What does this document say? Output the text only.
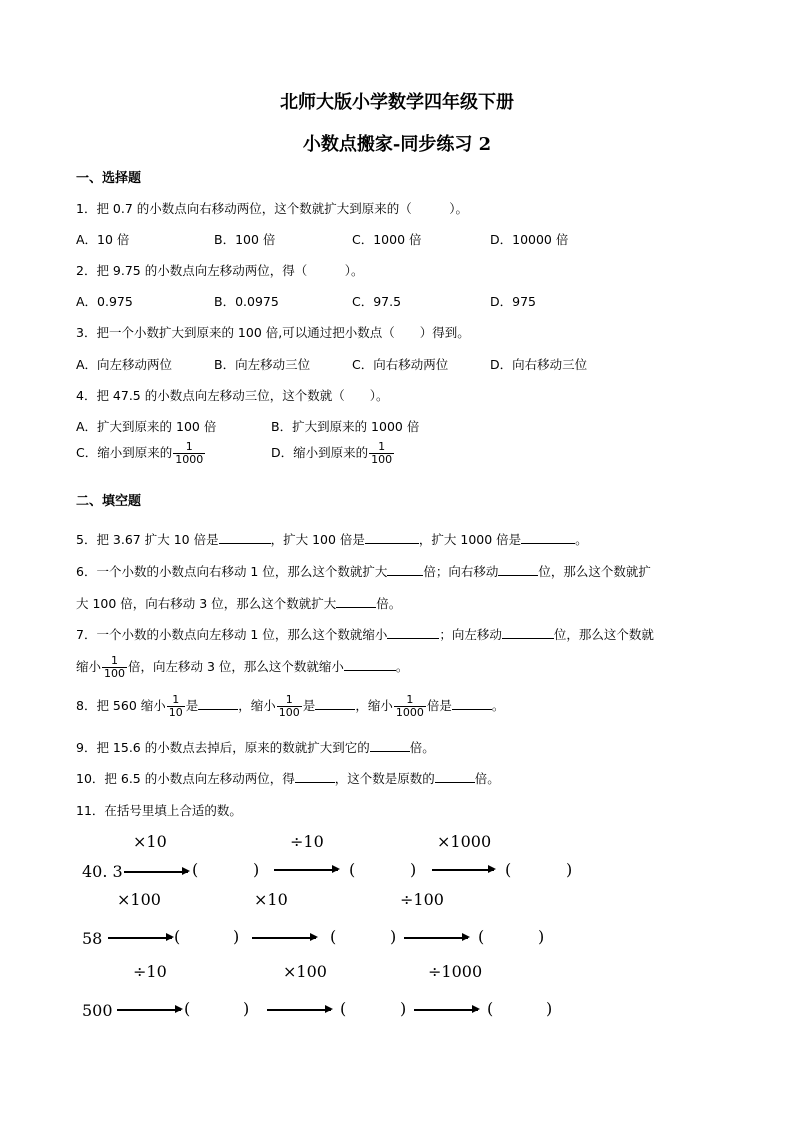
北师大版小学数学四年级下册
小数点搬家-同步练习 2
一、选择题
1．把 0.7 的小数点向右移动两位，这个数就扩大到原来的（　　　）。
A．10 倍	B．100 倍	C．1000 倍	D．10000 倍
2．把 9.75 的小数点向左移动两位，得（　　　）。
A．0.975	B．0.0975	C．97.5	D．975
3．把一个小数扩大到原来的 100 倍,可以通过把小数点（　　）得到。
A．向左移动两位	B．向左移动三位	C．向右移动两位	D．向右移动三位
4．把 47.5 的小数点向左移动三位，这个数就（　　）。
A．扩大到原来的 100 倍	B．扩大到原来的 1000 倍
C．缩小到原来的 $\frac{1}{1000}$	D．缩小到原来的 $\frac{1}{100}$
二、填空题
5．把 3.67 扩大 10 倍是	，扩大 100 倍是	，扩大 1000 倍是	。
6．一个小数的小数点向右移动 1 位，那么这个数就扩大	倍；向右移动	位，那么这个数就扩
大 100 倍，向右移动 3 位，那么这个数就扩大	倍。
7．一个小数的小数点向左移动 1 位，那么这个数就缩小	；向左移动	位，那么这个数就
缩小 $\frac{1}{100}$ 倍，向左移动 3 位，那么这个数就缩小	。
8．把 560 缩小 $\frac{1}{10}$ 是	，缩小 $\frac{1}{100}$ 是	，缩小 $\frac{1}{1000}$ 倍是	。
9．把 15.6 的小数点去掉后，原来的数就扩大到它的	倍。
10．把 6.5 的小数点向左移动两位，得	，这个数是原数的	倍。
11．在括号里填上合适的数。
×10	÷10	×1000
40. 3	(	)	(	)	(	)
×100	×10	÷100
58	(	)	(	)	(	)
÷10	×100	÷1000
500	(	)	(	)	(	)
